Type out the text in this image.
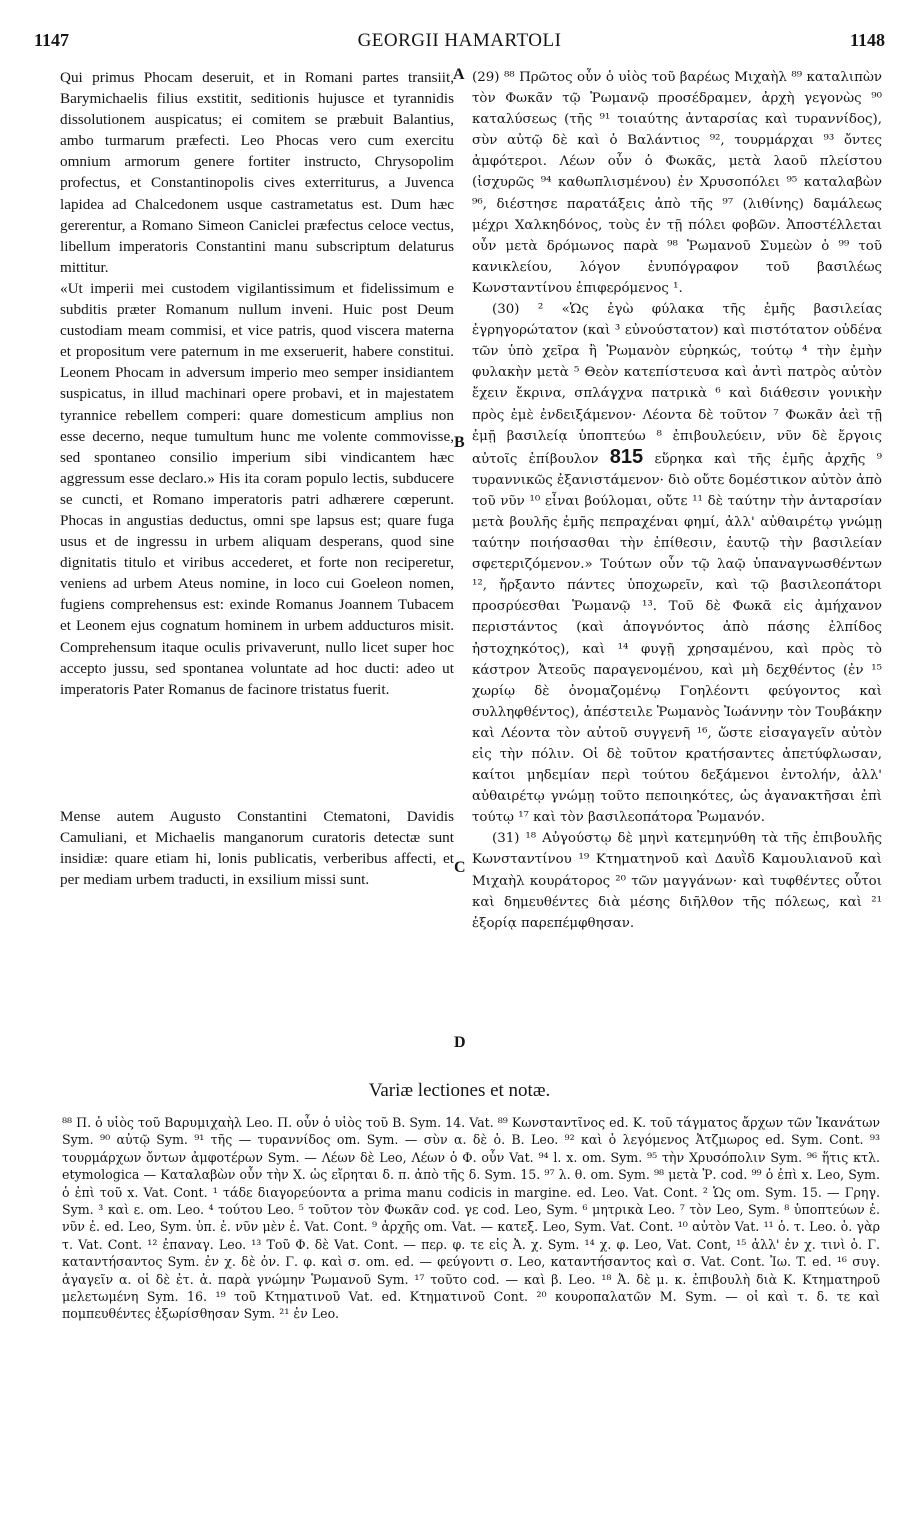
1147	GEORGII HAMARTOLI	1148

Qui primus Phocam deseruit, et in Romani partes transiit, Barymichaelis filius exstitit, seditionis hujusce et tyrannidis dissolutionem auspicatus; ei comitem se præbuit Balantius, ambo turmarum præfecti. Leo Phocas vero cum exercitu omnium armorum genere fortiter instructo, Chrysopolim profectus, et Constantinopolis cives exterriturus, a Juvenca lapidea ad Chalcedonem usque castrametatus est. Dum hæc gererentur, a Romano Simeon Caniclei præfectus celoce vectus, libellum imperatoris Constantini manu subscriptum delaturus mittitur.

«Ut imperii mei custodem vigilantissimum et fidelissimum e subditis præter Romanum nullum inveni. Huic post Deum custodiam meam commisi, et vice patris, quod viscera materna et propositum vere paternum in me exseruerit, habere constitui. Leonem Phocam in adversum imperio meo semper insidiantem suspicatus, in illud machinari opere probavi, et in majestatem tyrannice rebellem comperi: quare domesticum amplius non esse decerno, neque tumultum hunc me volente commovisse, sed spontaneo consilio imperium sibi vindicantem hæc aggressum esse declaro.» His ita coram populo lectis, subducere se cuncti, et Romano imperatoris patri adhærere cœperunt. Phocas in angustias deductus, omni spe lapsus est; quare fuga usus et de ingressu in urbem aliquam desperans, quod sine dignitatis titulo et viribus accederet, et forte non reciperetur, veniens ad urbem Ateus nomine, in loco cui Goeleon nomen, fugiens comprehensus est: exinde Romanus Joannem Tubacem et Leonem ejus cognatum hominem in urbem adducturos misit. Comprehensum itaque oculis privaverunt, nullo licet super hoc accepto jussu, sed spontanea voluntate ad hoc ducti: adeo ut imperatoris Pater Romanus de facinore tristatus fuerit.

Mense autem Augusto Constantini Ctematoni, Davidis Camuliani, et Michaelis manganorum curatoris detectæ sunt insidiæ: quare etiam hi, lonis publicatis, verberibus affecti, et per mediam urbem traducti, in exsilium missi sunt.

A
B
C
D

(29) ⁸⁸ Πρῶτος οὖν ὁ υἱὸς τοῦ βαρέως Μιχαὴλ ⁸⁹ καταλιπὼν τὸν Φωκᾶν τῷ Ῥωμανῷ προσέδραμεν, ἀρχὴ γεγονὼς ⁹⁰ καταλύσεως (τῆς ⁹¹ τοιαύτης ἀνταρσίας καὶ τυραννίδος), σὺν αὐτῷ δὲ καὶ ὁ Βαλάντιος ⁹², τουρμάρχαι ⁹³ ὄντες ἀμφότεροι. Λέων οὖν ὁ Φωκᾶς, μετὰ λαοῦ πλείστου (ἰσχυρῶς ⁹⁴ καθωπλισμένου) ἐν Χρυσοπόλει ⁹⁵ καταλαβὼν ⁹⁶, διέστησε παρατάξεις ἀπὸ τῆς ⁹⁷ (λιθίνης) δαμάλεως μέχρι Χαλκηδόνος, τοὺς ἐν τῇ πόλει φοβῶν. Ἀποστέλλεται οὖν μετὰ δρόμωνος παρὰ ⁹⁸ Ῥωμανοῦ Συμεὼν ὁ ⁹⁹ τοῦ κανικλείου, λόγον ἐνυπόγραφον τοῦ βασιλέως Κωνσταντίνου ἐπιφερόμενος ¹.

(30) ² «Ὡς ἐγὼ φύλακα τῆς ἐμῆς βασιλείας ἐγρηγορώτατον (καὶ ³ εὐνούστατον) καὶ πιστότατον οὐδένα τῶν ὑπὸ χεῖρα ἢ Ῥωμανὸν εὑρηκώς, τούτῳ ⁴ τὴν ἐμὴν φυλακὴν μετὰ ⁵ Θεὸν κατεπίστευσα καὶ ἀντὶ πατρὸς αὐτὸν ἔχειν ἔκρινα, σπλάγχνα πατρικὰ ⁶ καὶ διάθεσιν γονικὴν πρὸς ἐμὲ ἐνδειξάμενον· Λέοντα δὲ τοῦτον ⁷ Φωκᾶν ἀεὶ τῇ ἐμῇ βασιλείᾳ ὑποπτεύω ⁸ ἐπιβουλεύειν, νῦν δὲ ἔργοις αὐτοῖς ἐπίβουλον 815 εὕρηκα καὶ τῆς ἐμῆς ἀρχῆς ⁹ τυραννικῶς ἐξανιστάμενον· διὸ οὔτε δομέστικον αὐτὸν ἀπὸ τοῦ νῦν ¹⁰ εἶναι βούλομαι, οὔτε ¹¹ δὲ ταύτην τὴν ἀνταρσίαν μετὰ βουλῆς ἐμῆς πεπραχέναι φημί, ἀλλ' αὐθαιρέτῳ γνώμῃ ταύτην ποιήσασθαι τὴν ἐπίθεσιν, ἑαυτῷ τὴν βασιλείαν σφετεριζόμενον.» Τούτων οὖν τῷ λαῷ ὑπαναγνωσθέντων ¹², ἤρξαντο πάντες ὑποχωρεῖν, καὶ τῷ βασιλεοπάτορι προσρύεσθαι Ῥωμανῷ ¹³. Τοῦ δὲ Φωκᾶ εἰς ἀμήχανον περιστάντος (καὶ ἀπογνόντος ἀπὸ πάσης ἐλπίδος ἠστοχηκότος), καὶ ¹⁴ φυγῇ χρησαμένου, καὶ πρὸς τὸ κάστρον Ἀτεοῦς παραγενομένου, καὶ μὴ δεχθέντος (ἐν ¹⁵ χωρίῳ δὲ ὀνομαζομένῳ Γοηλέοντι φεύγοντος καὶ συλληφθέντος), ἀπέστειλε Ῥωμανὸς Ἰωάννην τὸν Τουβάκην καὶ Λέοντα τὸν αὐτοῦ συγγενῆ ¹⁶, ὥστε εἰσαγαγεῖν αὐτὸν εἰς τὴν πόλιν. Οἱ δὲ τοῦτον κρατήσαντες ἀπετύφλωσαν, καίτοι μηδεμίαν περὶ τούτου δεξάμενοι ἐντολήν, ἀλλ' αὐθαιρέτῳ γνώμῃ τοῦτο πεποιηκότες, ὡς ἀγανακτῆσαι ἐπὶ τούτῳ ¹⁷ καὶ τὸν βασιλεοπάτορα Ῥωμανόν.

(31) ¹⁸ Αὐγούστῳ δὲ μηνὶ κατεμηνύθη τὰ τῆς ἐπιβουλῆς Κωνσταντίνου ¹⁹ Κτηματηνοῦ καὶ Δαυῒδ Καμουλιανοῦ καὶ Μιχαὴλ κουράτορος ²⁰ τῶν μαγγάνων· καὶ τυφθέντες οὗτοι καὶ δημευθέντες διὰ μέσης διῆλθον τῆς πόλεως, καὶ ²¹ ἐξορίᾳ παρεπέμφθησαν.

Variæ lectiones et notæ.

⁸⁸ Π. ὁ υἱὸς τοῦ Βαρυμιχαὴλ Leo. Π. οὖν ὁ υἱὸς τοῦ Β. Sym. 14. Vat. ⁸⁹ Κωνσταντῖνος ed. K. τοῦ τάγματος ἄρχων τῶν Ἱκανάτων Sym. ⁹⁰ αὐτῷ Sym. ⁹¹ τῆς — τυραννίδος om. Sym. — σὺν α. δὲ ὁ. B. Leo. ⁹² καὶ ὁ λεγόμενος Ἀτζμωρος ed. Sym. Cont. ⁹³ τουρμάρχων ὄντων ἀμφοτέρων Sym. — Λέων δὲ Leo, Λέων ὁ Φ. οὖν Vat. ⁹⁴ l. x. om. Sym. ⁹⁵ τὴν Χρυσόπολιν Sym. ⁹⁶ ἥτις κτλ. etymologica — Καταλαβὼν οὖν τὴν Χ. ὡς εἴρηται δ. π. ἀπὸ τῆς δ. Sym. 15. ⁹⁷ λ. θ. om. Sym. ⁹⁸ μετὰ Ῥ. cod. ⁹⁹ ὁ ἐπὶ x. Leo, Sym. ὁ ἐπὶ τοῦ x. Vat. Cont. ¹ τάδε διαγορεύοντα a prima manu codicis in margine. ed. Leo. Vat. Cont. ² Ὡς om. Sym. 15. — Γρηγ. Sym. ³ καὶ ε. om. Leo. ⁴ τούτου Leo. ⁵ τοῦτον τὸν Φωκᾶν cod. γε cod. Leo, Sym. ⁶ μητρικὰ Leo. ⁷ τὸν Leo, Sym. ⁸ ὑποπτεύων ἐ. νῦν ἐ. ed. Leo, Sym. ὑπ. ἐ. νῦν μὲν ἐ. Vat. Cont. ⁹ ἀρχῆς om. Vat. — κατεξ. Leo, Sym. Vat. Cont. ¹⁰ αὐτὸν Vat. ¹¹ ὁ. τ. Leo. ὁ. γὰρ τ. Vat. Cont. ¹² ἐπαναγ. Leo. ¹³ Τοῦ Φ. δὲ Vat. Cont. — περ. φ. τε εἰς Ἀ. χ. Sym. ¹⁴ χ. φ. Leo, Vat. Cont, ¹⁵ ἀλλ' ἐν χ. τινὶ ὁ. Γ. καταντήσαντος Sym. ἐν χ. δὲ ὀν. Γ. φ. καὶ σ. om. ed. — φεύγοντι σ. Leo, καταντήσαντος καὶ σ. Vat. Cont. Ἰω. T. ed. ¹⁶ συγ. ἀγαγεῖν α. οἱ δὲ ἐτ. ἀ. παρὰ γνώμην Ῥωμανοῦ Sym. ¹⁷ τοῦτο cod. — καὶ β. Leo. ¹⁸ Ἀ. δὲ μ. κ. ἐπιβουλὴ διὰ K. Κτηματηροῦ μελετωμένη Sym. 16. ¹⁹ τοῦ Κτηματινοῦ Vat. ed. Κτηματινοῦ Cont. ²⁰ κουροπαλατῶν M. Sym. — οἱ καὶ τ. δ. τε καὶ πομπευθέντες ἐξωρίσθησαν Sym. ²¹ ἐν Leo.
